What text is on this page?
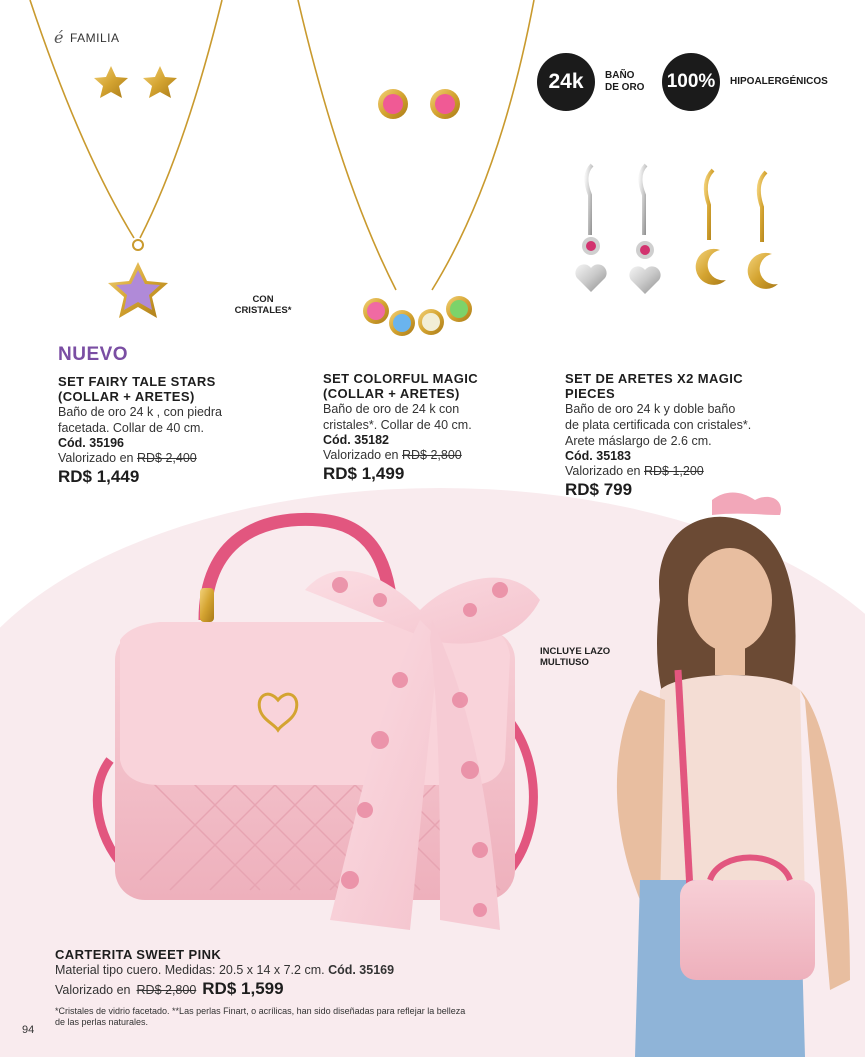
é FAMILIA
24k	BAÑO
DE ORO 100%	HIPOALERGÉNICOS
CON
CRISTALES*
INCLUYE LAZO
MULTIUSO
NUEVO
SET FAIRY TALE STARS
(COLLAR + ARETES)
Baño de oro 24 k , con piedra
facetada. Collar de 40 cm.
Cód. 35196
Valorizado en RD$ 2,400
RD$ 1,449
SET COLORFUL MAGIC
(COLLAR + ARETES)
Baño de oro de 24 k con
cristales*. Collar de 40 cm.
Cód. 35182
Valorizado en RD$ 2,800
RD$ 1,499
SET DE ARETES X2 MAGIC PIECES
Baño de oro 24 k y doble baño
de plata certificada con cristales*.
Arete máslargo de 2.6 cm.
Cód. 35183
Valorizado en RD$ 1,200
RD$ 799
CARTERITA SWEET PINK
Material tipo cuero. Medidas: 20.5 x 14 x 7.2 cm. Cód. 35169
Valorizado en RD$ 2,800 RD$ 1,599
*Cristales de vidrio facetado. **Las perlas Finart, o acrílicas, han sido diseñadas para reflejar la belleza
de las perlas naturales.
94
